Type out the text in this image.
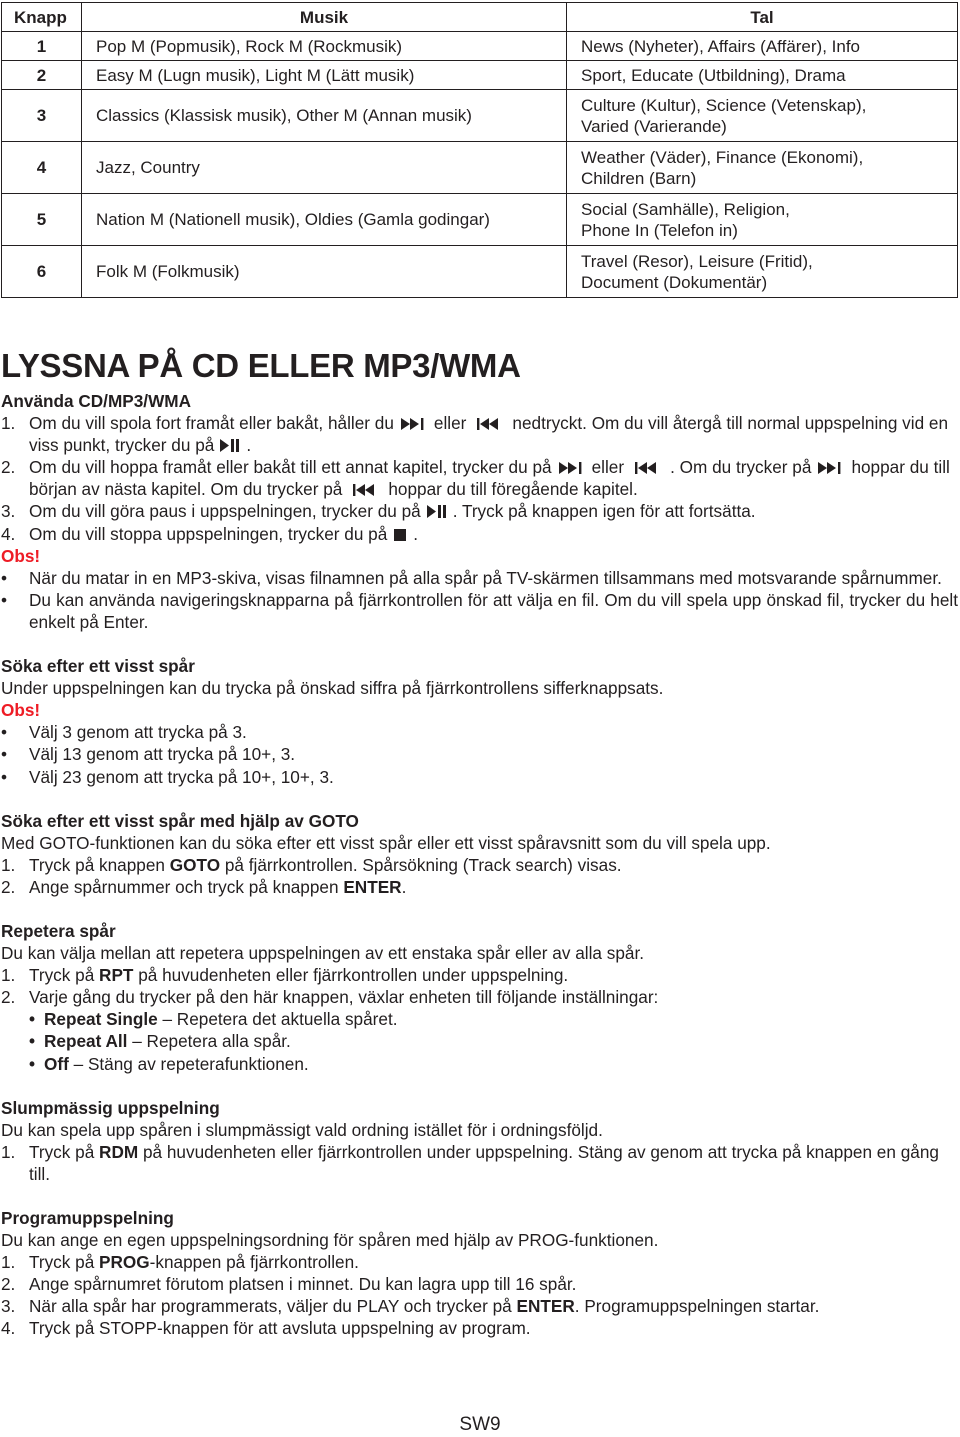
Knapp	Musik	Tal
1	Pop M (Popmusik), Rock M (Rockmusik)	News (Nyheter), Affairs (Affärer), Info

2	Easy M (Lugn musik), Light M (Lätt musik)	Sport, Educate (Utbildning), Drama

3	Classics (Klassisk musik), Other M (Annan musik)	Culture (Kultur), Science (Vetenskap),
Varied (Varierande)

4	Jazz, Country	Weather (Väder), Finance (Ekonomi),
Children (Barn)

5	Nation M (Nationell musik), Oldies (Gamla godingar)	Social (Samhälle), Religion,
Phone In (Telefon in)

6	Folk M (Folkmusik)	Travel (Resor), Leisure (Fritid),
Document (Dokumentär)
LYSSNA PÅ CD ELLER MP3/WMA
Använda CD/MP3/WMA
1. Om du vill spola fort framåt eller bakåt, håller du eller	nedtryckt. Om du vill återgå till normal uppspelning vid en viss punkt, trycker du på .
2. Om du vill hoppa framåt eller bakåt till ett annat kapitel, trycker du på eller	. Om du trycker på hoppar du till början av nästa kapitel. Om du trycker på	hoppar du till föregående kapitel.
3. Om du vill göra paus i uppspelningen, trycker du på . Tryck på knappen igen för att fortsätta.
4. Om du vill stoppa uppspelningen, trycker du på .
Obs!
•	När du matar in en MP3-skiva, visas filnamnen på alla spår på TV-skärmen tillsammans med motsvarande spårnummer.
•	Du kan använda navigeringsknapparna på fjärrkontrollen för att välja en fil. Om du vill spela upp önskad fil, trycker du helt enkelt på Enter.
Söka efter ett visst spår
Under uppspelningen kan du trycka på önskad siffra på fjärrkontrollens sifferknappsats.
Obs!
•	Välj 3 genom att trycka på 3.
•	Välj 13 genom att trycka på 10+, 3.
•	Välj 23 genom att trycka på 10+, 10+, 3.
Söka efter ett visst spår med hjälp av GOTO
Med GOTO-funktionen kan du söka efter ett visst spår eller ett visst spåravsnitt som du vill spela upp.
1. Tryck på knappen GOTO på fjärrkontrollen. Spårsökning (Track search) visas.
2. Ange spårnummer och tryck på knappen ENTER.
Repetera spår
Du kan välja mellan att repetera uppspelningen av ett enstaka spår eller av alla spår.
1. Tryck på RPT på huvudenheten eller fjärrkontrollen under uppspelning.
2. Varje gång du trycker på den här knappen, växlar enheten till följande inställningar:
• Repeat Single – Repetera det aktuella spåret.
• Repeat All – Repetera alla spår.
• Off – Stäng av repeterafunktionen.
Slumpmässig uppspelning
Du kan spela upp spåren i slumpmässigt vald ordning istället för i ordningsföljd.
1. Tryck på RDM på huvudenheten eller fjärrkontrollen under uppspelning. Stäng av genom att trycka på knappen en gång till.
Programuppspelning
Du kan ange en egen uppspelningsordning för spåren med hjälp av PROG-funktionen.
1. Tryck på PROG-knappen på fjärrkontrollen.
2. Ange spårnumret förutom platsen i minnet. Du kan lagra upp till 16 spår.
3. När alla spår har programmerats, väljer du PLAY och trycker på ENTER. Programuppspelningen startar.
4. Tryck på STOPP-knappen för att avsluta uppspelning av program.
SW9
